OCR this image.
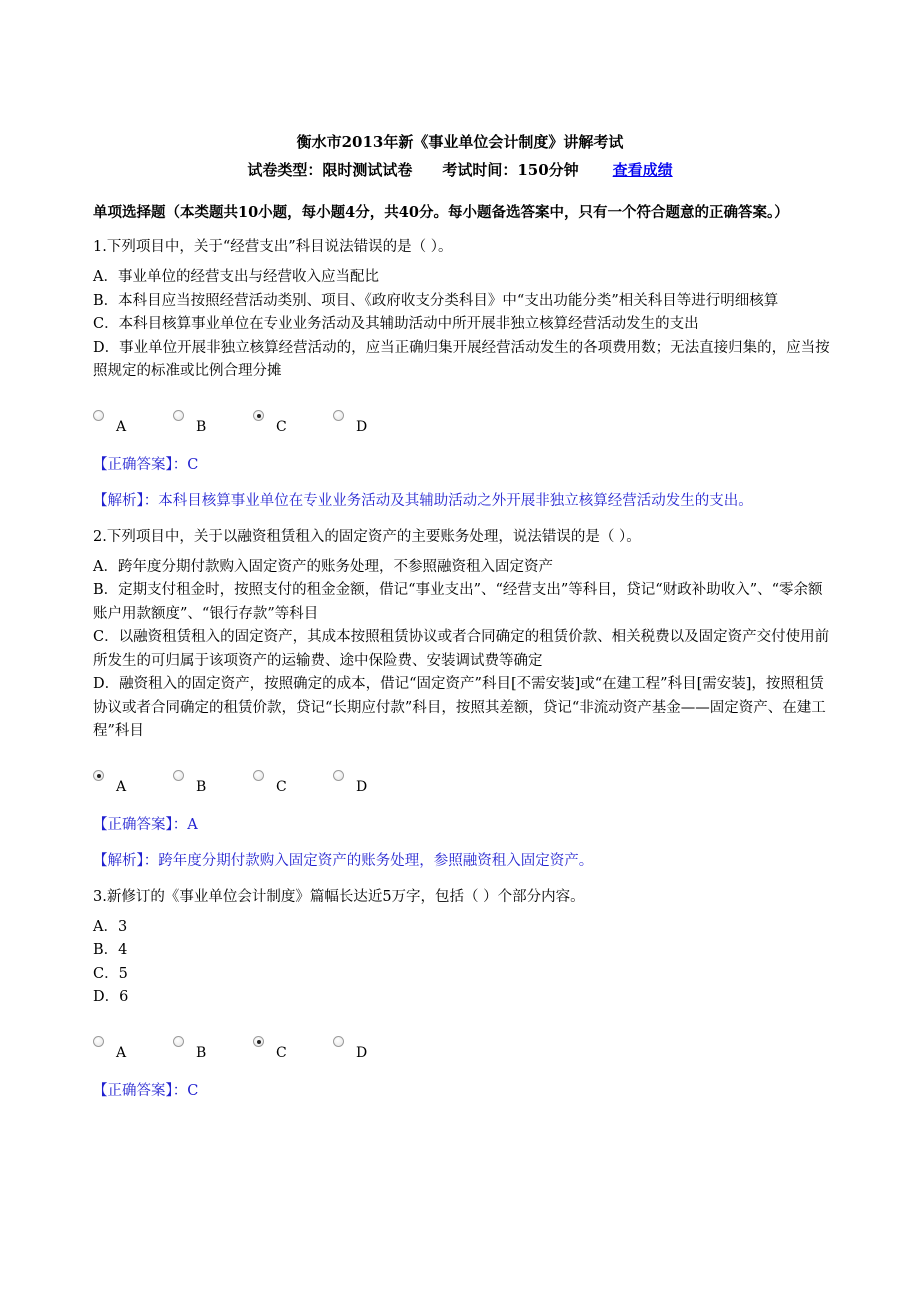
衡水市2013年新《事业单位会计制度》讲解考试
试卷类型：限时测试试卷 考试时间：150分钟 查看成绩
单项选择题（本类题共10小题，每小题4分，共40分。每小题备选答案中，只有一个符合题意的正确答案。）
1.下列项目中，关于“经营支出”科目说法错误的是（ ）。
A．事业单位的经营支出与经营收入应当配比
B．本科目应当按照经营活动类别、项目、《政府收支分类科目》中“支出功能分类”相关科目等进行明细核算
C．本科目核算事业单位在专业业务活动及其辅助活动中所开展非独立核算经营活动发生的支出
D．事业单位开展非独立核算经营活动的，应当正确归集开展经营活动发生的各项费用数；无法直接归集的，应当按照规定的标准或比例合理分摊
A	B	C	D
【正确答案】：C
【解析】：本科目核算事业单位在专业业务活动及其辅助活动之外开展非独立核算经营活动发生的支出。
2.下列项目中，关于以融资租赁租入的固定资产的主要账务处理，说法错误的是（ ）。
A．跨年度分期付款购入固定资产的账务处理，不参照融资租入固定资产
B．定期支付租金时，按照支付的租金金额，借记“事业支出”、“经营支出”等科目，贷记“财政补助收入”、“零余额账户用款额度”、“银行存款”等科目
C．以融资租赁租入的固定资产，其成本按照租赁协议或者合同确定的租赁价款、相关税费以及固定资产交付使用前所发生的可归属于该项资产的运输费、途中保险费、安装调试费等确定
D．融资租入的固定资产，按照确定的成本，借记“固定资产”科目[不需安装]或“在建工程”科目[需安装]，按照租赁协议或者合同确定的租赁价款，贷记“长期应付款”科目，按照其差额，贷记“非流动资产基金——固定资产、在建工程”科目
A	B	C	D
【正确答案】：A
【解析】：跨年度分期付款购入固定资产的账务处理，参照融资租入固定资产。
3.新修订的《事业单位会计制度》篇幅长达近5万字，包括（ ）个部分内容。
A．3
B．4
C．5
D．6
A	B	C	D
【正确答案】：C
